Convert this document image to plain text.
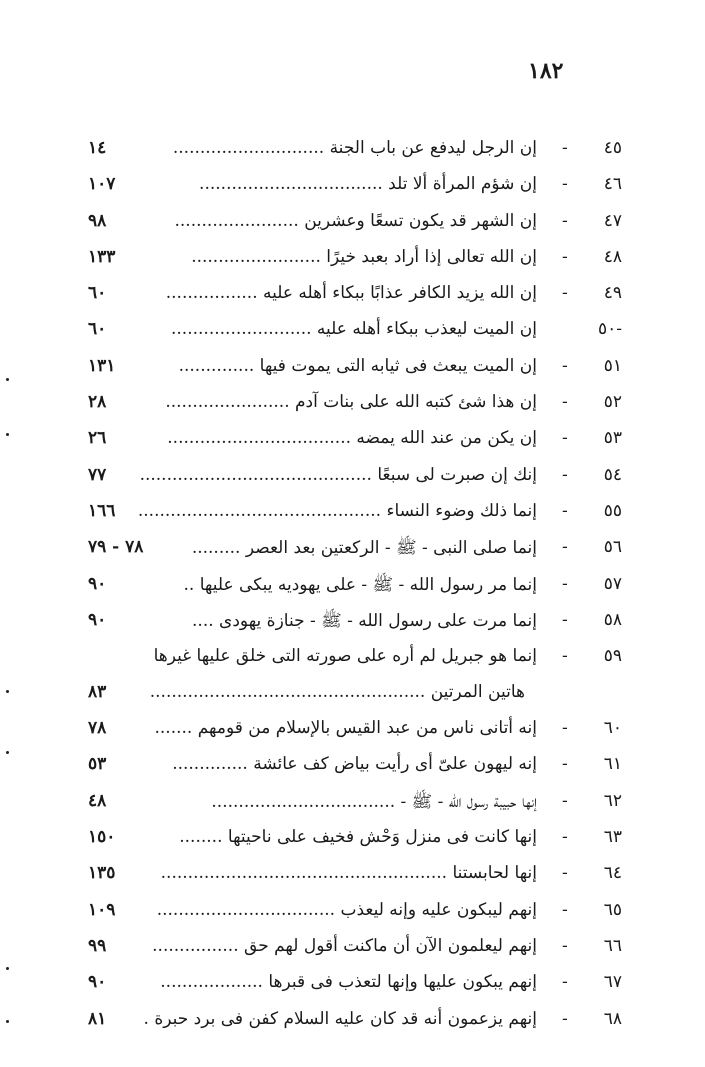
١٨٢
٤٥
-
إن الرجل ليدفع عن باب الجنة ............................
١٤
٤٦
-
إن شؤم المرأة ألا تلد ..................................
١٠٧
٤٧
-
إن الشهر قد يكون تسعًا وعشرين .......................
٩٨
٤٨
-
إن الله تعالى إذا أراد بعبد خيرًا ........................
١٣٣
٤٩
-
إن الله يزيد الكافر عذابًا ببكاء أهله عليه .................
٦٠
-٥٠
إن الميت ليعذب ببكاء أهله عليه ..........................
٦٠
٥١
-
إن الميت يبعث فى ثيابه التى يموت فيها ..............
١٣١
٥٢
-
إن هذا شئ كتبه الله على بنات آدم .......................
٢٨
٥٣
-
إن يكن من عند الله يمضه ..................................
٢٦
٥٤
-
إنك إن صبرت لى سبعًا ...........................................
٧٧
٥٥
-
إنما ذلك وضوء النساء .............................................
١٦٦
٥٦
-
إنما صلى النبى - ﷺ - الركعتين بعد العصر .........
٧٨ - ٧٩
٥٧
-
إنما مر رسول الله - ﷺ - على يهوديه يبكى عليها ..
٩٠
٥٨
-
إنما مرت على رسول الله - ﷺ - جنازة يهودى ....
٩٠
٥٩
-
إنما هو جبريل لم أره على صورته التى خلق عليها غيرها
هاتين المرتين ...................................................
٨٣
٦٠
-
إنه أتانى ناس من عبد القيس بالإسلام من قومهم .......
٧٨
٦١
-
إنه ليهون علىّ أى رأيت بياض كف عائشة ..............
٥٣
٦٢
-
إنها حبيبة رسول الله - ﷺ - ..................................
٤٨
٦٣
-
إنها كانت فى منزل وَحْش فخيف على ناحيتها ........
١٥٠
٦٤
-
إنها لحابستنا .....................................................
١٣٥
٦٥
-
إنهم ليبكون عليه وإنه ليعذب .................................
١٠٩
٦٦
-
إنهم ليعلمون الآن أن ماكنت أقول لهم حق ................
٩٩
٦٧
-
إنهم يبكون عليها وإنها لتعذب فى قبرها ...................
٩٠
٦٨
-
إنهم يزعمون أنه قد كان عليه السلام كفن فى برد حبرة .
٨١
